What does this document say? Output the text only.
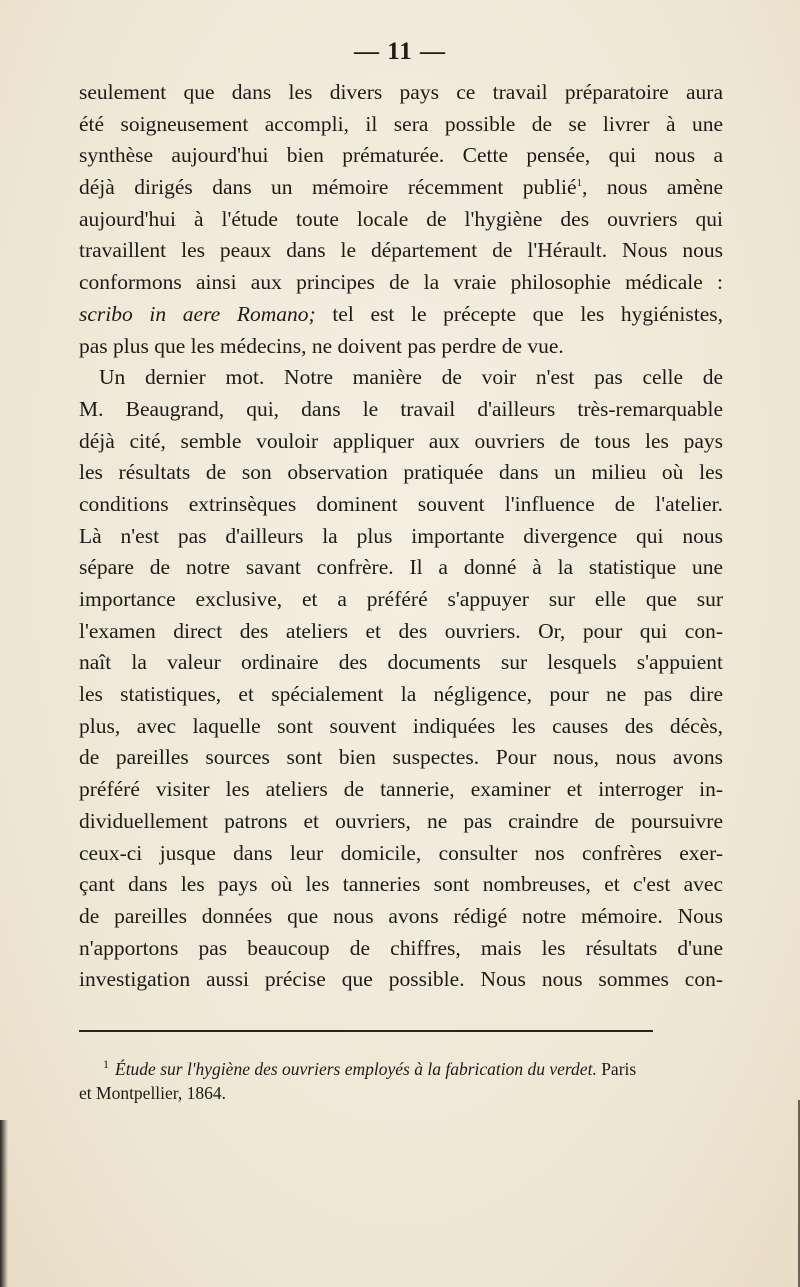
— 11 —
seulement que dans les divers pays ce travail préparatoire aura
été soigneusement accompli, il sera possible de se livrer à une
synthèse aujourd'hui bien prématurée. Cette pensée, qui nous a
déjà dirigés dans un mémoire récemment publié$^1$, nous amène
aujourd'hui à l'étude toute locale de l'hygiène des ouvriers qui
travaillent les peaux dans le département de l'Hérault. Nous nous
conformons ainsi aux principes de la vraie philosophie médicale :
scribo in aere Romano; tel est le précepte que les hygiénistes,
pas plus que les médecins, ne doivent pas perdre de vue.
Un dernier mot. Notre manière de voir n'est pas celle de
M. Beaugrand, qui, dans le travail d'ailleurs très-remarquable
déjà cité, semble vouloir appliquer aux ouvriers de tous les pays
les résultats de son observation pratiquée dans un milieu où les
conditions extrinsèques dominent souvent l'influence de l'atelier.
Là n'est pas d'ailleurs la plus importante divergence qui nous
sépare de notre savant confrère. Il a donné à la statistique une
importance exclusive, et a préféré s'appuyer sur elle que sur
l'examen direct des ateliers et des ouvriers. Or, pour qui con-
naît la valeur ordinaire des documents sur lesquels s'appuient
les statistiques, et spécialement la négligence, pour ne pas dire
plus, avec laquelle sont souvent indiquées les causes des décès,
de pareilles sources sont bien suspectes. Pour nous, nous avons
préféré visiter les ateliers de tannerie, examiner et interroger in-
dividuellement patrons et ouvriers, ne pas craindre de poursuivre
ceux-ci jusque dans leur domicile, consulter nos confrères exer-
çant dans les pays où les tanneries sont nombreuses, et c'est avec
de pareilles données que nous avons rédigé notre mémoire. Nous
n'apportons pas beaucoup de chiffres, mais les résultats d'une
investigation aussi précise que possible. Nous nous sommes con-
$^1$ Étude sur l'hygiène des ouvriers employés à la fabrication du verdet. Paris
et Montpellier, 1864.
